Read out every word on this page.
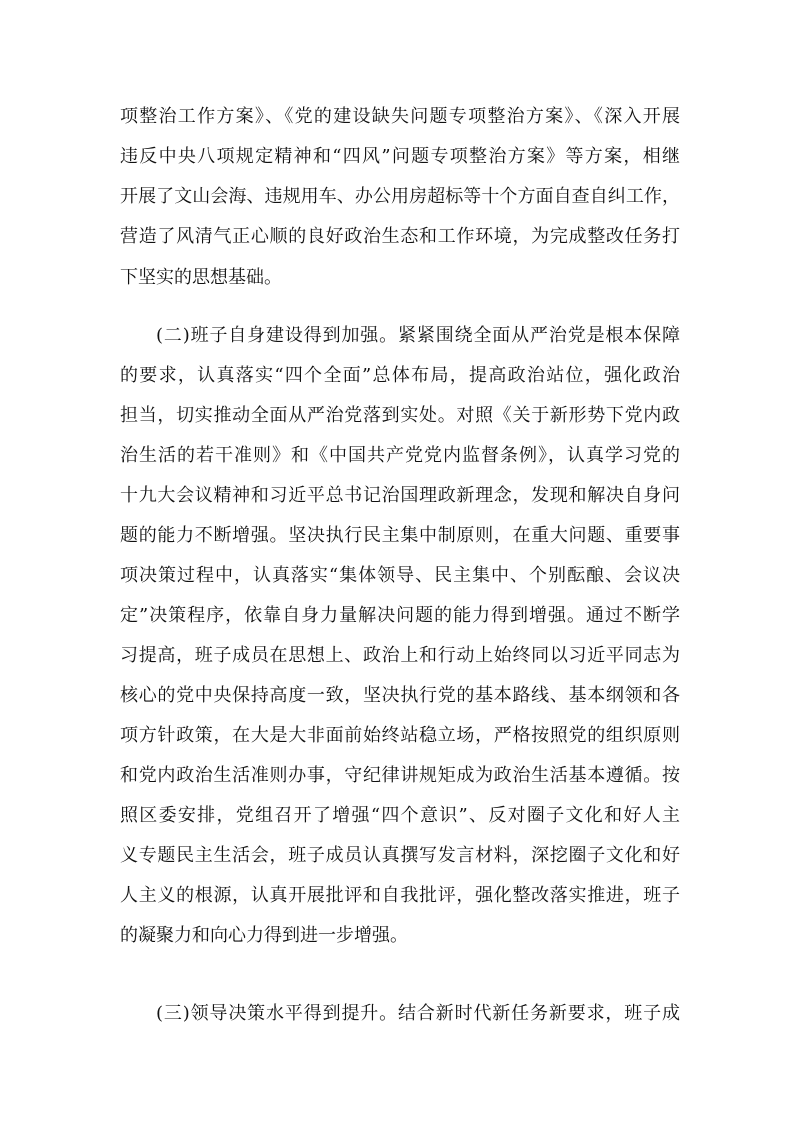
项整治工作方案》、《党的建设缺失问题专项整治方案》、《深入开展
违反中央八项规定精神和“四风”问题专项整治方案》等方案，相继
开展了文山会海、违规用车、办公用房超标等十个方面自查自纠工作，
营造了风清气正心顺的良好政治生态和工作环境，为完成整改任务打
下坚实的思想基础。
(二)班子自身建设得到加强。紧紧围绕全面从严治党是根本保障
的要求，认真落实“四个全面”总体布局，提高政治站位，强化政治
担当，切实推动全面从严治党落到实处。对照《关于新形势下党内政
治生活的若干准则》和《中国共产党党内监督条例》，认真学习党的
十九大会议精神和习近平总书记治国理政新理念，发现和解决自身问
题的能力不断增强。坚决执行民主集中制原则，在重大问题、重要事
项决策过程中，认真落实“集体领导、民主集中、个别酝酿、会议决
定”决策程序，依靠自身力量解决问题的能力得到增强。通过不断学
习提高，班子成员在思想上、政治上和行动上始终同以习近平同志为
核心的党中央保持高度一致，坚决执行党的基本路线、基本纲领和各
项方针政策，在大是大非面前始终站稳立场，严格按照党的组织原则
和党内政治生活准则办事，守纪律讲规矩成为政治生活基本遵循。按
照区委安排，党组召开了增强“四个意识”、反对圈子文化和好人主
义专题民主生活会，班子成员认真撰写发言材料，深挖圈子文化和好
人主义的根源，认真开展批评和自我批评，强化整改落实推进，班子
的凝聚力和向心力得到进一步增强。
(三)领导决策水平得到提升。结合新时代新任务新要求，班子成
